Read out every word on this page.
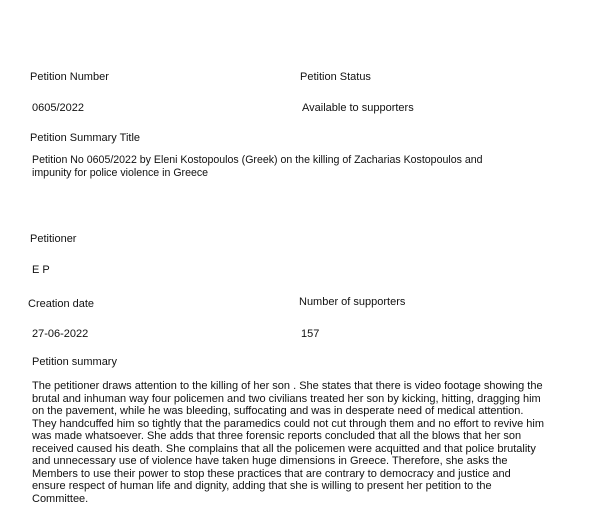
Petition Number
0605/2022
Petition Status
Available to supporters
Petition Summary Title
Petition No 0605/2022 by Eleni Kostopoulos (Greek) on the killing of Zacharias Kostopoulos and
impunity for police violence in Greece
Petitioner
E P
Creation date
27-06-2022
Number of supporters
157
Petition summary
The petitioner draws attention to the killing of her son . She states that there is video footage showing the
brutal and inhuman way four policemen and two civilians treated her son by kicking, hitting, dragging him
on the pavement, while he was bleeding, suffocating and was in desperate need of medical attention.
They handcuffed him so tightly that the paramedics could not cut through them and no effort to revive him
was made whatsoever. She adds that three forensic reports concluded that all the blows that her son
received caused his death. She complains that all the policemen were acquitted and that police brutality
and unnecessary use of violence have taken huge dimensions in Greece. Therefore, she asks the
Members to use their power to stop these practices that are contrary to democracy and justice and
ensure respect of human life and dignity, adding that she is willing to present her petition to the
Committee.
